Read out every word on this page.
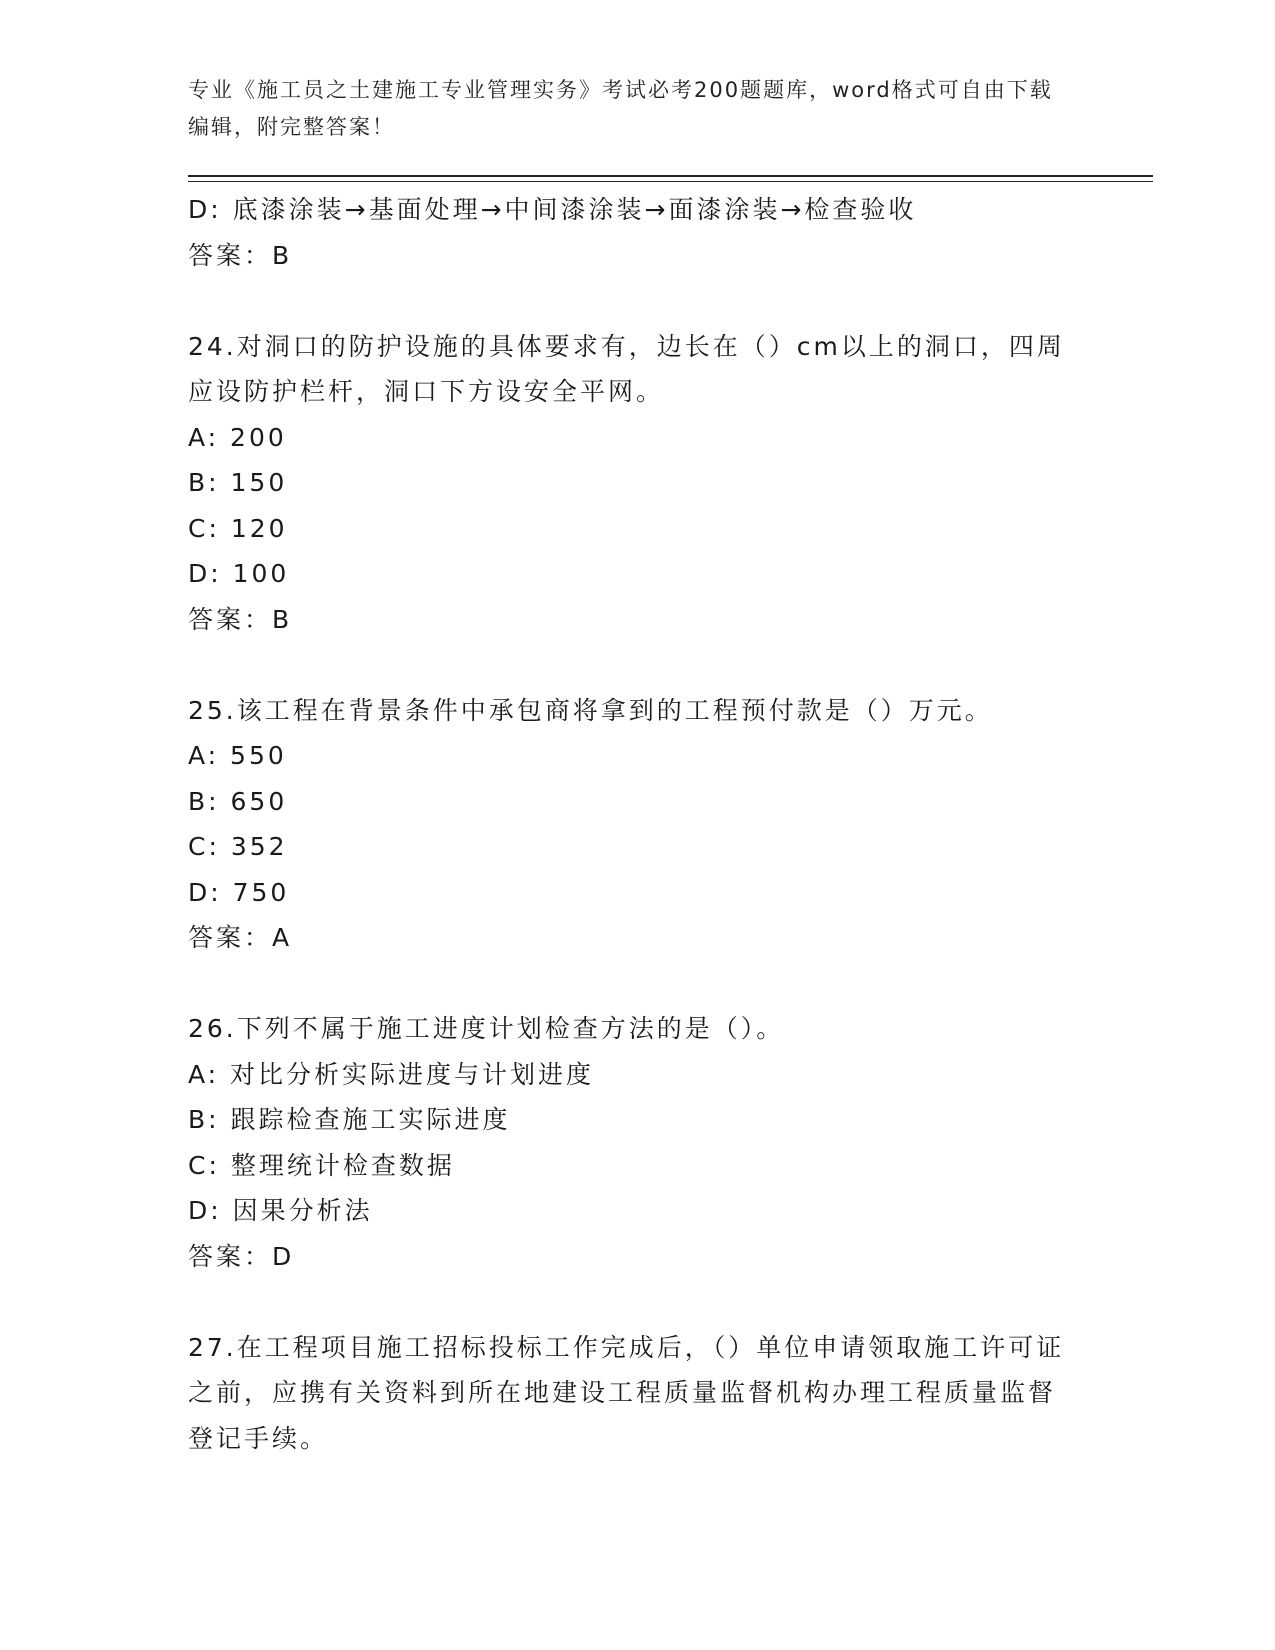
专业《施工员之土建施工专业管理实务》考试必考200题题库，word格式可自由下载编辑，附完整答案！
D: 底漆涂装→基面处理→中间漆涂装→面漆涂装→检查验收
答案：B
24.对洞口的防护设施的具体要求有，边长在（）cm以上的洞口，四周应设防护栏杆，洞口下方设安全平网。
A: 200
B: 150
C: 120
D: 100
答案：B
25.该工程在背景条件中承包商将拿到的工程预付款是（）万元。
A: 550
B: 650
C: 352
D: 750
答案：A
26.下列不属于施工进度计划检查方法的是（）。
A: 对比分析实际进度与计划进度
B: 跟踪检查施工实际进度
C: 整理统计检查数据
D: 因果分析法
答案：D
27.在工程项目施工招标投标工作完成后，（）单位申请领取施工许可证之前，应携有关资料到所在地建设工程质量监督机构办理工程质量监督登记手续。
